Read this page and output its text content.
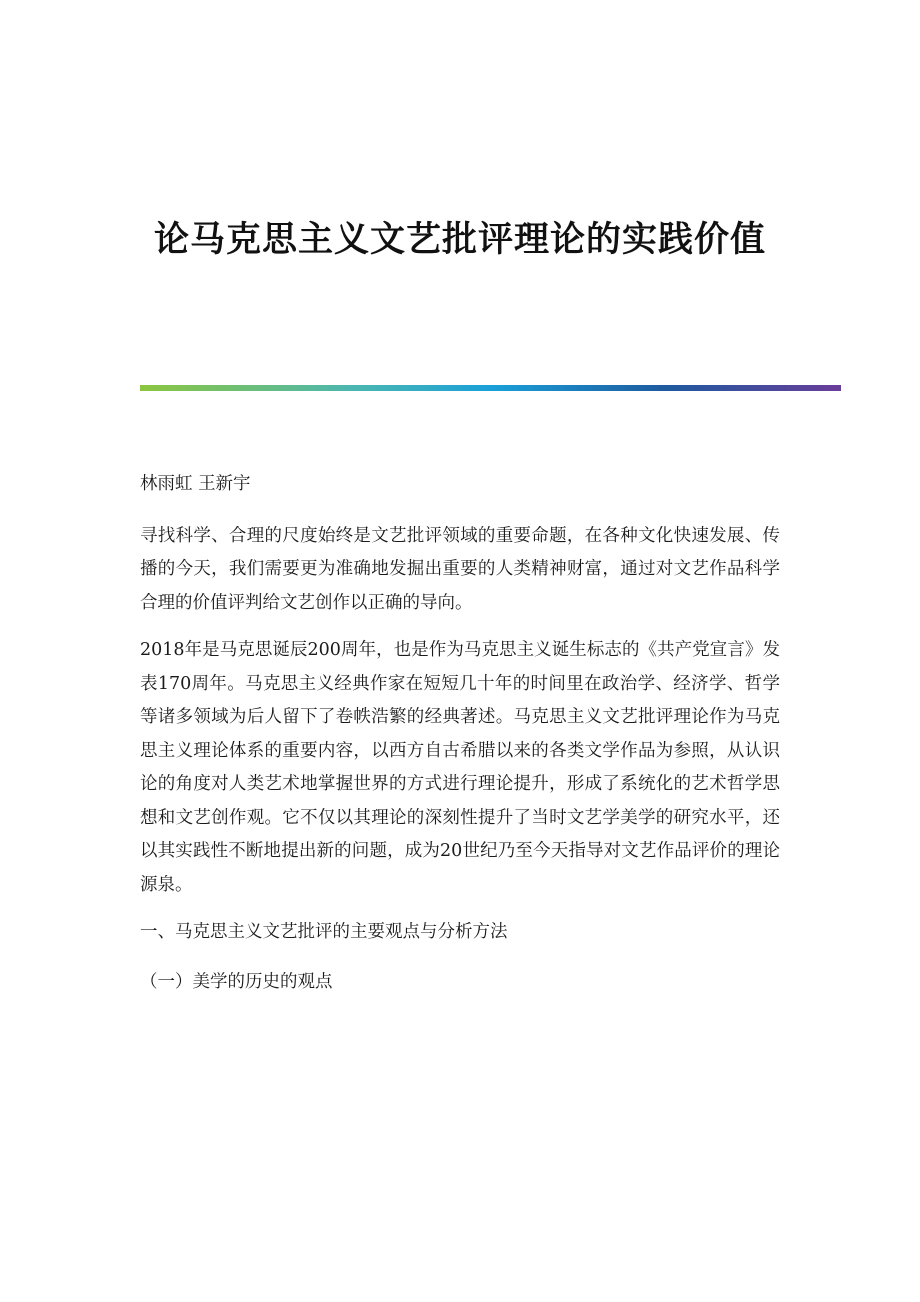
论马克思主义文艺批评理论的实践价值

林雨虹 王新宇

寻找科学、合理的尺度始终是文艺批评领域的重要命题，在各种文化快速发展、传播的今天，我们需要更为准确地发掘出重要的人类精神财富，通过对文艺作品科学合理的价值评判给文艺创作以正确的导向。

2018年是马克思诞辰200周年，也是作为马克思主义诞生标志的《共产党宣言》发表170周年。马克思主义经典作家在短短几十年的时间里在政治学、经济学、哲学等诸多领域为后人留下了卷帙浩繁的经典著述。马克思主义文艺批评理论作为马克思主义理论体系的重要内容，以西方自古希腊以来的各类文学作品为参照，从认识论的角度对人类艺术地掌握世界的方式进行理论提升，形成了系统化的艺术哲学思想和文艺创作观。它不仅以其理论的深刻性提升了当时文艺学美学的研究水平，还以其实践性不断地提出新的问题，成为20世纪乃至今天指导对文艺作品评价的理论源泉。

一、马克思主义文艺批评的主要观点与分析方法

（一）美学的历史的观点
